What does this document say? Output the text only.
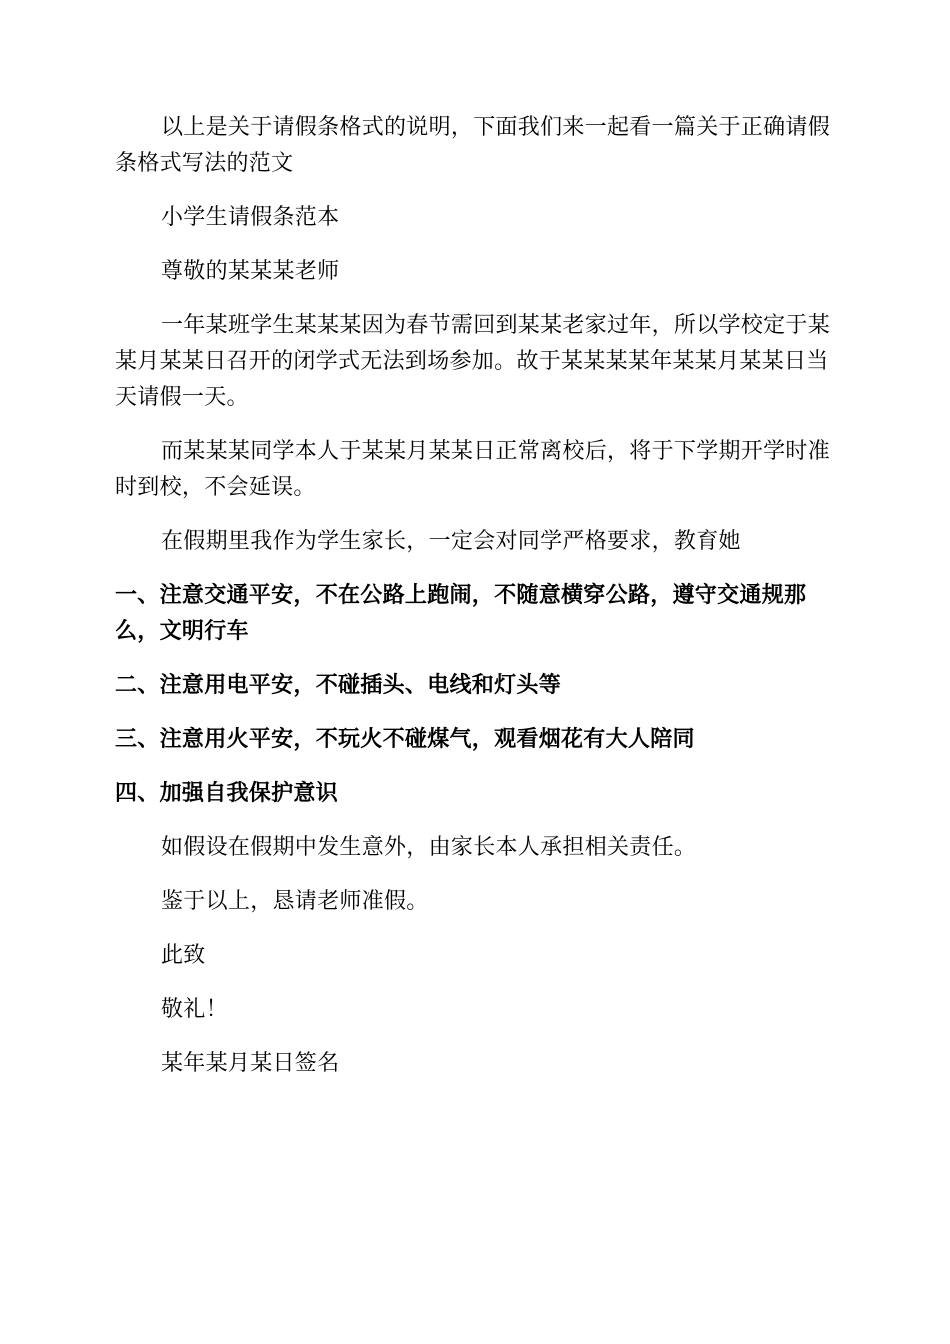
以上是关于请假条格式的说明，下面我们来一起看一篇关于正确请假条格式写法的范文

小学生请假条范本

尊敬的某某某老师

一年某班学生某某某因为春节需回到某某老家过年，所以学校定于某某月某某日召开的闭学式无法到场参加。故于某某某某年某某月某某日当天请假一天。

而某某某同学本人于某某月某某日正常离校后，将于下学期开学时准时到校，不会延误。

在假期里我作为学生家长，一定会对同学严格要求，教育她

一、注意交通平安，不在公路上跑闹，不随意横穿公路，遵守交通规那么，文明行车

二、注意用电平安，不碰插头、电线和灯头等

三、注意用火平安，不玩火不碰煤气，观看烟花有大人陪同

四、加强自我保护意识

如假设在假期中发生意外，由家长本人承担相关责任。

鉴于以上，恳请老师准假。

此致

敬礼！

某年某月某日签名
